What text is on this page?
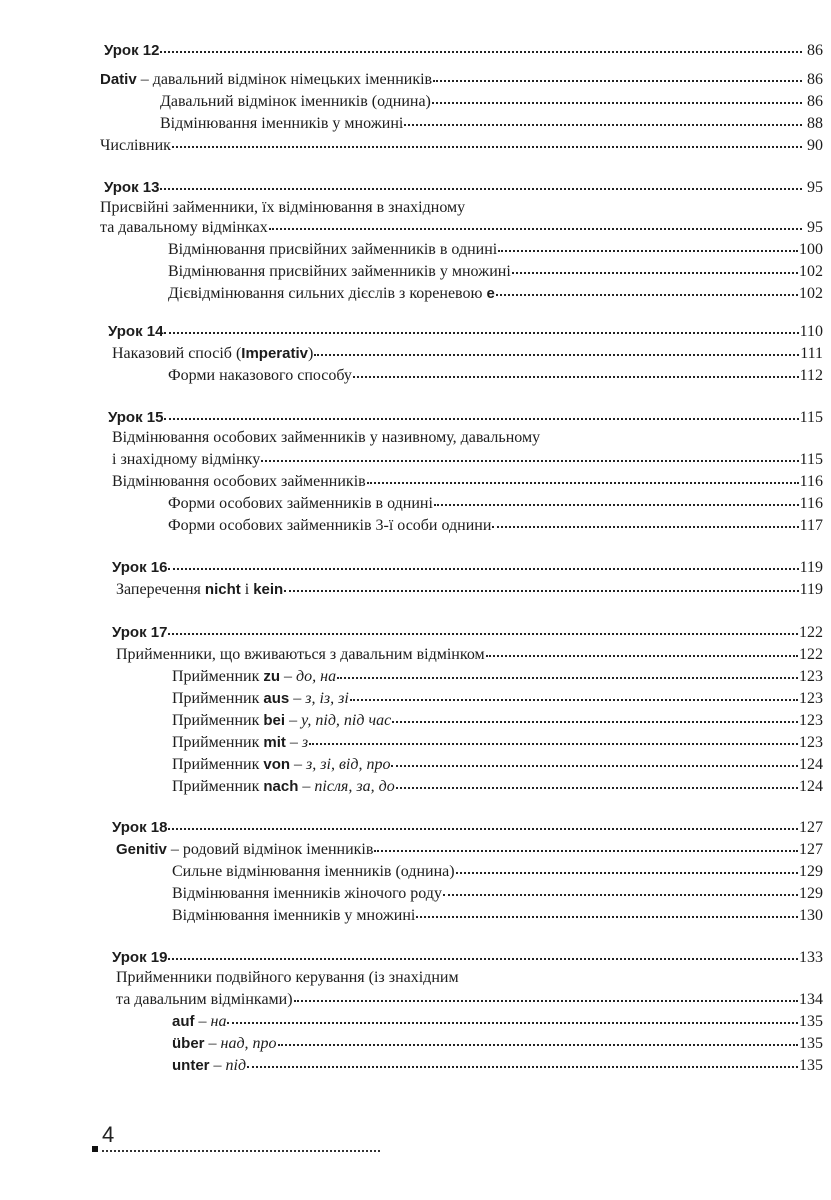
Урок 12	86
Dativ – давальний відмінок німецьких іменників	86
Давальний відмінок іменників (однина)	86
Відмінювання іменників у множині	88
Числівник	90
Урок 13	95
Присвійні займенники, їх відмінювання в знахідному
та давальному відмінках	95
Відмінювання присвійних займенників в однині	100
Відмінювання присвійних займенників у множині	102
Дієвідмінювання сильних дієслів з кореневою e	102
Урок 14	110
Наказовий спосіб (Imperativ)	111
Форми наказового способу	112
Урок 15	115
Відмінювання особових займенників у називному, давальному
і знахідному відмінку	115
Відмінювання особових займенників	116
Форми особових займенників в однині	116
Форми особових займенників 3-ї особи однини	117
Урок 16	119
Заперечення nicht і kein	119
Урок 17	122
Прийменники, що вживаються з давальним відмінком	122
Прийменник zu – до, на	123
Прийменник aus – з, із, зі	123
Прийменник bei – у, під, під час	123
Прийменник mit – з	123
Прийменник von – з, зі, від, про	124
Прийменник nach – після, за, до	124
Урок 18	127
Genitiv – родовий відмінок іменників	127
Сильне відмінювання іменників (однина)	129
Відмінювання іменників жіночого роду	129
Відмінювання іменників у множині	130
Урок 19	133
Прийменники подвійного керування (із знахідним
та давальним відмінками)	134
auf – на	135
über – над, про	135
unter – під	135
4
